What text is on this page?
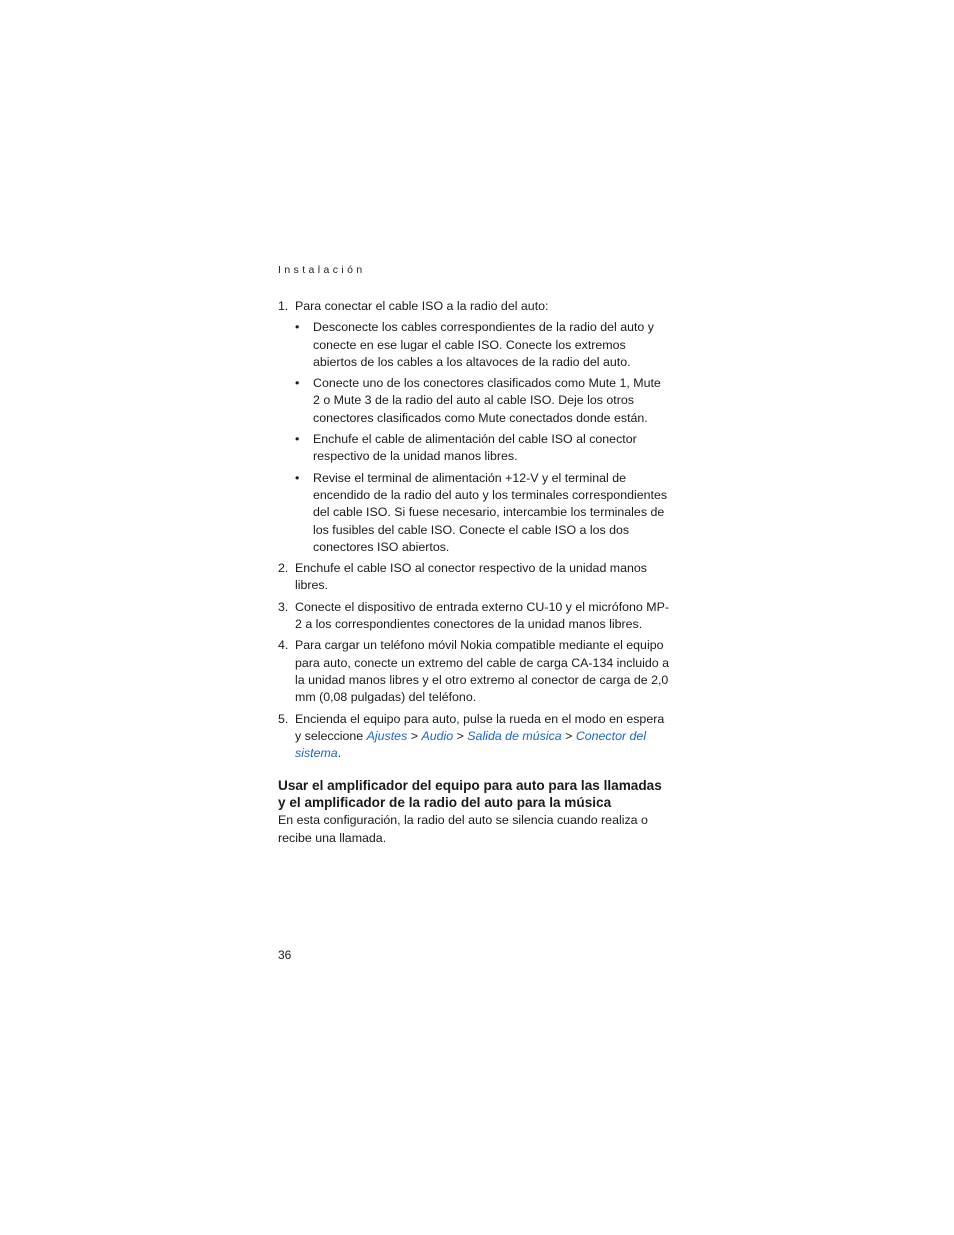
Instalación
1. Para conectar el cable ISO a la radio del auto:
• Desconecte los cables correspondientes de la radio del auto y conecte en ese lugar el cable ISO. Conecte los extremos abiertos de los cables a los altavoces de la radio del auto.
• Conecte uno de los conectores clasificados como Mute 1, Mute 2 o Mute 3 de la radio del auto al cable ISO. Deje los otros conectores clasificados como Mute conectados donde están.
• Enchufe el cable de alimentación del cable ISO al conector respectivo de la unidad manos libres.
• Revise el terminal de alimentación +12-V y el terminal de encendido de la radio del auto y los terminales correspondientes del cable ISO. Si fuese necesario, intercambie los terminales de los fusibles del cable ISO. Conecte el cable ISO a los dos conectores ISO abiertos.
2. Enchufe el cable ISO al conector respectivo de la unidad manos libres.
3. Conecte el dispositivo de entrada externo CU-10 y el micrófono MP-2 a los correspondientes conectores de la unidad manos libres.
4. Para cargar un teléfono móvil Nokia compatible mediante el equipo para auto, conecte un extremo del cable de carga CA-134 incluido a la unidad manos libres y el otro extremo al conector de carga de 2,0 mm (0,08 pulgadas) del teléfono.
5. Encienda el equipo para auto, pulse la rueda en el modo en espera y seleccione Ajustes > Audio > Salida de música > Conector del sistema.
Usar el amplificador del equipo para auto para las llamadas y el amplificador de la radio del auto para la música
En esta configuración, la radio del auto se silencia cuando realiza o recibe una llamada.
36
